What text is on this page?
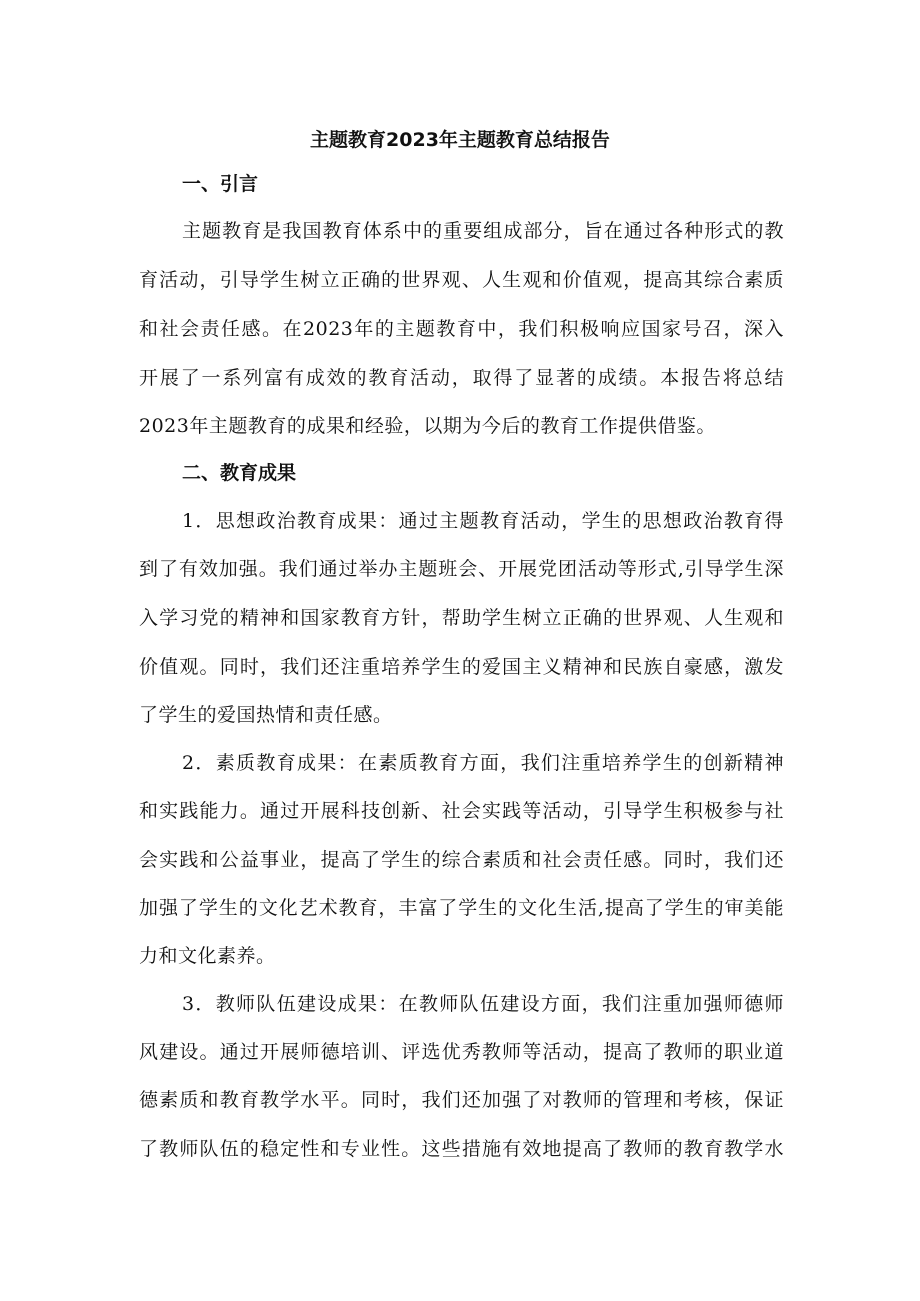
主题教育2023年主题教育总结报告
一、引言
主题教育是我国教育体系中的重要组成部分，旨在通过各种形式的教
育活动，引导学生树立正确的世界观、人生观和价值观，提高其综合素质
和社会责任感。在2023年的主题教育中，我们积极响应国家号召，深入
开展了一系列富有成效的教育活动，取得了显著的成绩。本报告将总结
2023年主题教育的成果和经验，以期为今后的教育工作提供借鉴。
二、教育成果
1．思想政治教育成果：通过主题教育活动，学生的思想政治教育得
到了有效加强。我们通过举办主题班会、开展党团活动等形式,引导学生深
入学习党的精神和国家教育方针，帮助学生树立正确的世界观、人生观和
价值观。同时，我们还注重培养学生的爱国主义精神和民族自豪感，激发
了学生的爱国热情和责任感。
2．素质教育成果：在素质教育方面，我们注重培养学生的创新精神
和实践能力。通过开展科技创新、社会实践等活动，引导学生积极参与社
会实践和公益事业，提高了学生的综合素质和社会责任感。同时，我们还
加强了学生的文化艺术教育，丰富了学生的文化生活,提高了学生的审美能
力和文化素养。
3．教师队伍建设成果：在教师队伍建设方面，我们注重加强师德师
风建设。通过开展师德培训、评选优秀教师等活动，提高了教师的职业道
德素质和教育教学水平。同时，我们还加强了对教师的管理和考核，保证
了教师队伍的稳定性和专业性。这些措施有效地提高了教师的教育教学水
